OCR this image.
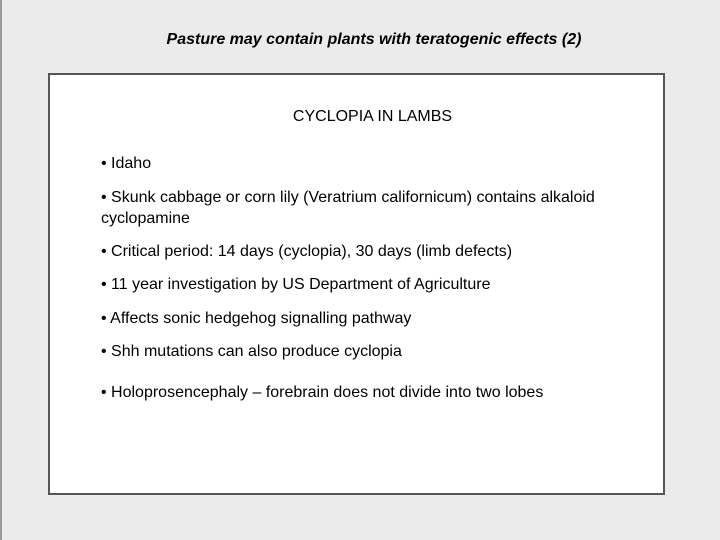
Pasture may contain plants with teratogenic effects (2)
CYCLOPIA IN LAMBS
• Idaho
• Skunk cabbage or corn lily (Veratrium californicum) contains alkaloid cyclopamine
• Critical period: 14 days (cyclopia), 30 days (limb defects)
• 11 year investigation by US Department of Agriculture
• Affects sonic hedgehog signalling pathway
• Shh mutations can also produce cyclopia
• Holoprosencephaly – forebrain does not divide into two lobes
